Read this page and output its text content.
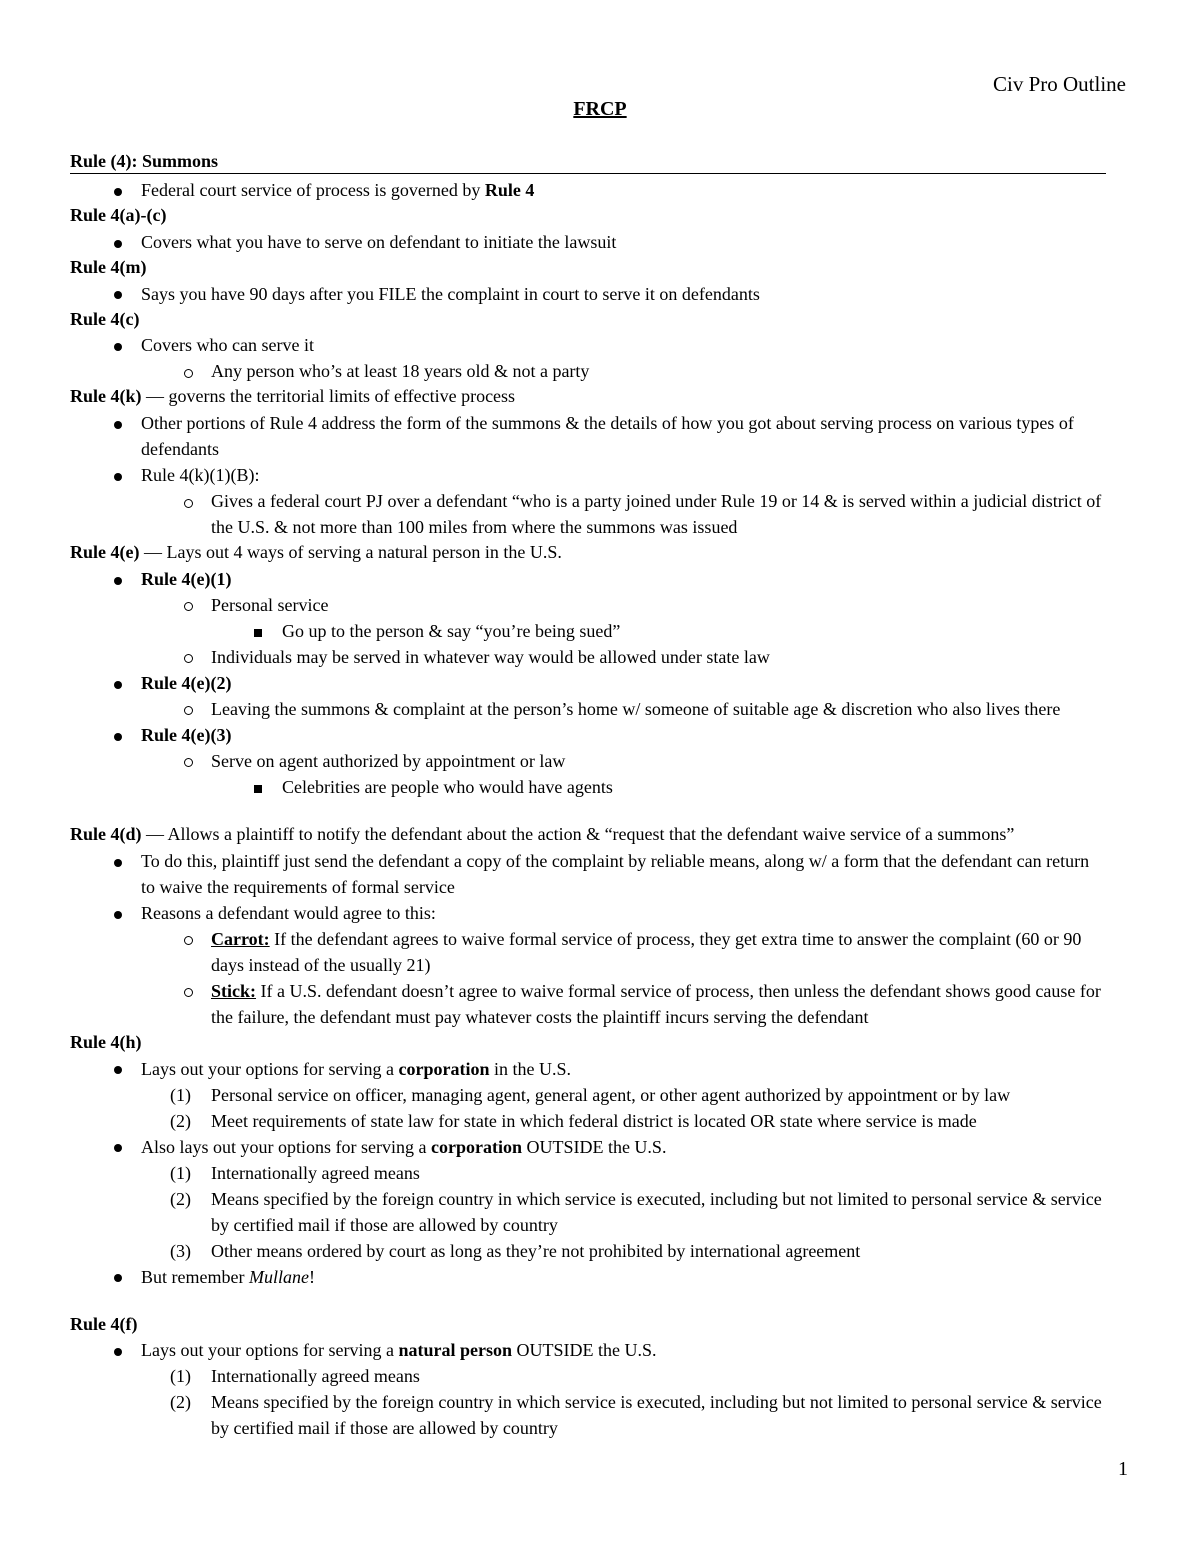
Civ Pro Outline
FRCP
Rule (4): Summons
Federal court service of process is governed by Rule 4
Rule 4(a)-(c)
Covers what you have to serve on defendant to initiate the lawsuit
Rule 4(m)
Says you have 90 days after you FILE the complaint in court to serve it on defendants
Rule 4(c)
Covers who can serve it
Any person who’s at least 18 years old & not a party
Rule 4(k) — governs the territorial limits of effective process
Other portions of Rule 4 address the form of the summons & the details of how you got about serving process on various types of defendants
Rule 4(k)(1)(B):
Gives a federal court PJ over a defendant “who is a party joined under Rule 19 or 14 & is served within a judicial district of the U.S. & not more than 100 miles from where the summons was issued
Rule 4(e) — Lays out 4 ways of serving a natural person in the U.S.
Rule 4(e)(1)
Personal service
Go up to the person & say “you’re being sued”
Individuals may be served in whatever way would be allowed under state law
Rule 4(e)(2)
Leaving the summons & complaint at the person’s home w/ someone of suitable age & discretion who also lives there
Rule 4(e)(3)
Serve on agent authorized by appointment or law
Celebrities are people who would have agents
Rule 4(d) — Allows a plaintiff to notify the defendant about the action & “request that the defendant waive service of a summons”
To do this, plaintiff just send the defendant a copy of the complaint by reliable means, along w/ a form that the defendant can return to waive the requirements of formal service
Reasons a defendant would agree to this:
Carrot: If the defendant agrees to waive formal service of process, they get extra time to answer the complaint (60 or 90 days instead of the usually 21)
Stick: If a U.S. defendant doesn’t agree to waive formal service of process, then unless the defendant shows good cause for the failure, the defendant must pay whatever costs the plaintiff incurs serving the defendant
Rule 4(h)
Lays out your options for serving a corporation in the U.S.
(1)	Personal service on officer, managing agent, general agent, or other agent authorized by appointment or by law
(2)	Meet requirements of state law for state in which federal district is located OR state where service is made
Also lays out your options for serving a corporation OUTSIDE the U.S.
(1)	Internationally agreed means
(2)	Means specified by the foreign country in which service is executed, including but not limited to personal service & service by certified mail if those are allowed by country
(3)	Other means ordered by court as long as they’re not prohibited by international agreement
But remember Mullane!
Rule 4(f)
Lays out your options for serving a natural person OUTSIDE the U.S.
(1)	Internationally agreed means
(2)	Means specified by the foreign country in which service is executed, including but not limited to personal service & service by certified mail if those are allowed by country
1
